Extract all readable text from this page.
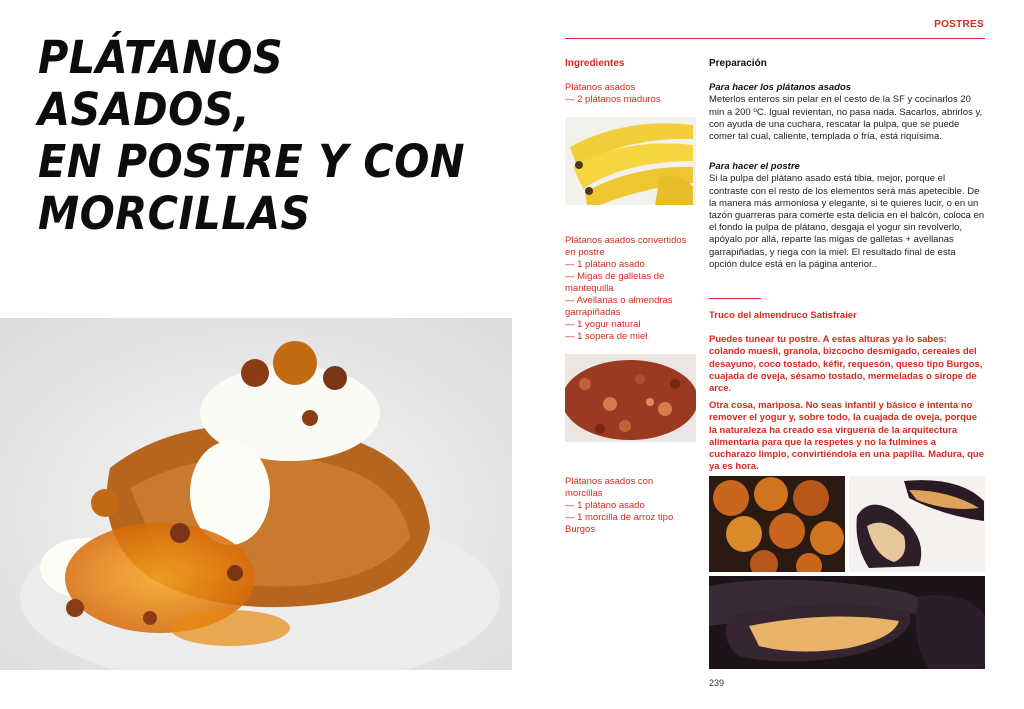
PLÁTANOS ASADOS,
EN POSTRE Y CON
MORCILLAS
POSTRES
Ingredientes

Plátanos asados

— 2 plátanos maduros

Plátanos asados convertidos

en postre

— 1 plátano asado

— Migas de galletas de

mantequilla

— Avellanas o almendras

garrapiñadas

— 1 yogur natural

— 1 sopera de miel

Plátanos asados con

morcillas

— 1 plátano asado

— 1 morcilla de arroz tipo

Burgos

Preparación

Para hacer los plátanos asados

Meterlos enteros sin pelar en el cesto de la SF y cocinarlos 20 min a 200 ºC. Igual revientan, no pasa nada. Sacarlos, abrirlos y, con ayuda de una cuchara, rescatar la pulpa, que se puede comer tal cual, caliente, templada o fría, está riquísima.

Para hacer el postre

Si la pulpa del plátano asado está tibia, mejor, porque el contraste con el resto de los elementos será más apetecible. De la manera más armoniosa y elegante, si te quieres lucir, o en un tazón guarreras para comerte esta delicia en el balcón, coloca en el fondo la pulpa de plátano, desgaja el yogur sin revolverlo, apóyalo por allá, reparte las migas de galletas + avellanas garrapiñadas, y riega con la miel. El resultado final de esta opción dulce está en la página anterior..

Truco del almendruco Satisfraier

Puedes tunear tu postre. A estas alturas ya lo sabes: colando muesli, granola, bizcocho desmigado, cereales del desayuno, coco tostado, kéfir, requesón, queso tipo Burgos, cuajada de oveja, sésamo tostado, mermeladas o sirope de arce.

Otra cosa, mariposa. No seas infantil y básico e intenta no remover el yogur y, sobre todo, la cuajada de oveja, porque la naturaleza ha creado esa virguería de la arquitectura alimentaria para que la respetes y no la fulmines a cucharazo limpio, convirtiéndola en una papilla. Madura, que ya es hora.

239
